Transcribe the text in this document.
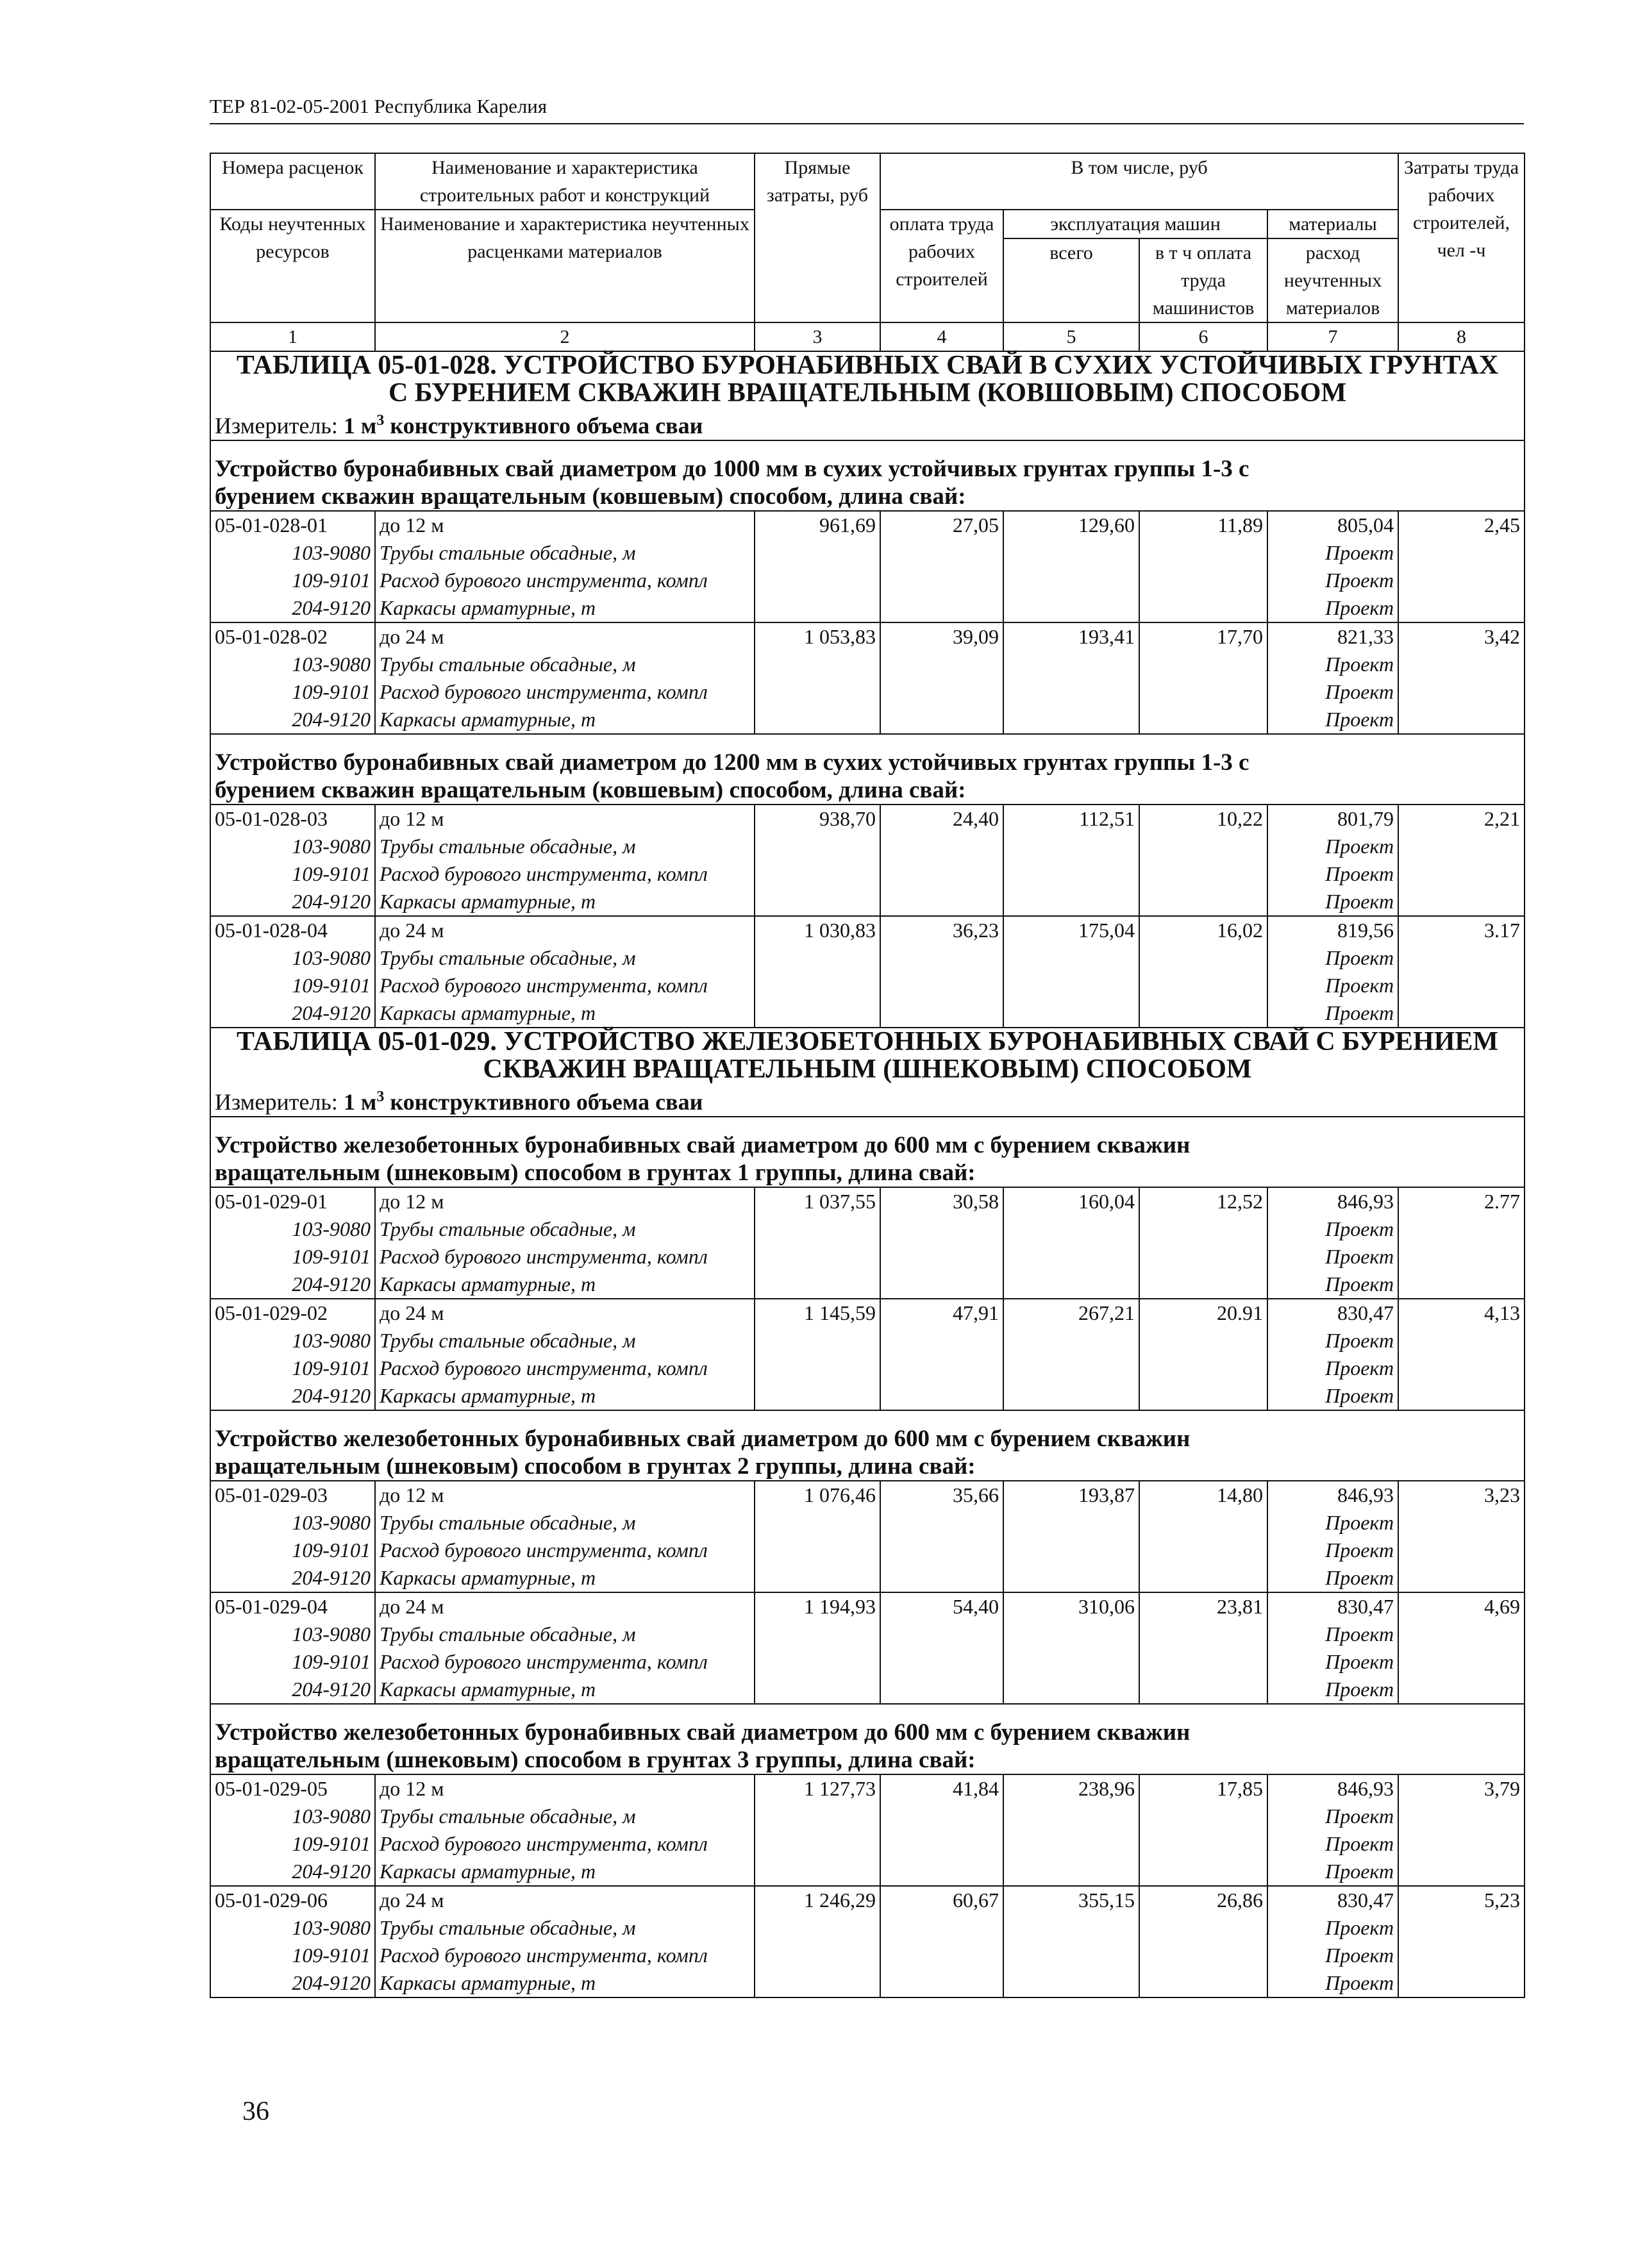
ТЕР 81-02-05-2001 Республика Карелия
Номера расценок	Наименование и характеристика строительных работ и конструкций	Прямые затраты, руб	В том числе, руб				Затраты труда рабочих строителей, чел -ч
Коды неучтенных ресурсов	Наименование и характеристика неучтенных расценками материалов		оплата труда рабочих строителей	эксплуатация машин		материалы	
				всего	в т ч оплата труда машинистов	расход неучтенных материалов	
1	2	3	4	5	6	7	8
ТАБЛИЦА 05-01-028. УСТРОЙСТВО БУРОНАБИВНЫХ СВАЙ В СУХИХ УСТОЙЧИВЫХ ГРУНТАХ							
С БУРЕНИЕМ СКВАЖИН ВРАЩАТЕЛЬНЫМ (КОВШОВЫМ) СПОСОБОМ							
Измеритель: 1 $м^3$ конструктивного объема сваи							

Устройство буронабивных свай диаметром до 1000 мм в сухих устойчивых грунтах группы 1-3 с							
бурением скважин вращательным (ковшевым) способом, длина свай:							
05-01-028-01	до 12 м	961,69	27,05	129,60	11,89	805,04	2,45
103-9080	Трубы стальные обсадные, м					Проект	
109-9101	Расход бурового инструмента, компл					Проект	
204-9120	Каркасы арматурные, т					Проект	
05-01-028-02	до 24 м	1 053,83	39,09	193,41	17,70	821,33	3,42
103-9080	Трубы стальные обсадные, м					Проект	
109-9101	Расход бурового инструмента, компл					Проект	
204-9120	Каркасы арматурные, т					Проект	

Устройство буронабивных свай диаметром до 1200 мм в сухих устойчивых грунтах группы 1-3 с							
бурением скважин вращательным (ковшевым) способом, длина свай:							
05-01-028-03	до 12 м	938,70	24,40	112,51	10,22	801,79	2,21
103-9080	Трубы стальные обсадные, м					Проект	
109-9101	Расход бурового инструмента, компл					Проект	
204-9120	Каркасы арматурные, т					Проект	
05-01-028-04	до 24 м	1 030,83	36,23	175,04	16,02	819,56	3.17
103-9080	Трубы стальные обсадные, м					Проект	
109-9101	Расход бурового инструмента, компл					Проект	
204-9120	Каркасы арматурные, т					Проект	
ТАБЛИЦА 05-01-029. УСТРОЙСТВО ЖЕЛЕЗОБЕТОННЫХ БУРОНАБИВНЫХ СВАЙ С БУРЕНИЕМ							
СКВАЖИН ВРАЩАТЕЛЬНЫМ (ШНЕКОВЫМ) СПОСОБОМ							
Измеритель: 1 $м^3$ конструктивного объема сваи							

Устройство железобетонных буронабивных свай диаметром до 600 мм с бурением скважин							
вращательным (шнековым) способом в грунтах 1 группы, длина свай:							
05-01-029-01	до 12 м	1 037,55	30,58	160,04	12,52	846,93	2.77
103-9080	Трубы стальные обсадные, м					Проект	
109-9101	Расход бурового инструмента, компл					Проект	
204-9120	Каркасы арматурные, т					Проект	
05-01-029-02	до 24 м	1 145,59	47,91	267,21	20.91	830,47	4,13
103-9080	Трубы стальные обсадные, м					Проект	
109-9101	Расход бурового инструмента, компл					Проект	
204-9120	Каркасы арматурные, т					Проект	

Устройство железобетонных буронабивных свай диаметром до 600 мм с бурением скважин							
вращательным (шнековым) способом в грунтах 2 группы, длина свай:							
05-01-029-03	до 12 м	1 076,46	35,66	193,87	14,80	846,93	3,23
103-9080	Трубы стальные обсадные, м					Проект	
109-9101	Расход бурового инструмента, компл					Проект	
204-9120	Каркасы арматурные, т					Проект	
05-01-029-04	до 24 м	1 194,93	54,40	310,06	23,81	830,47	4,69
103-9080	Трубы стальные обсадные, м					Проект	
109-9101	Расход бурового инструмента, компл					Проект	
204-9120	Каркасы арматурные, т					Проект	

Устройство железобетонных буронабивных свай диаметром до 600 мм с бурением скважин							
вращательным (шнековым) способом в грунтах 3 группы, длина свай:							
05-01-029-05	до 12 м	1 127,73	41,84	238,96	17,85	846,93	3,79
103-9080	Трубы стальные обсадные, м					Проект	
109-9101	Расход бурового инструмента, компл					Проект	
204-9120	Каркасы арматурные, т					Проект	
05-01-029-06	до 24 м	1 246,29	60,67	355,15	26,86	830,47	5,23
103-9080	Трубы стальные обсадные, м					Проект	
109-9101	Расход бурового инструмента, компл					Проект	
204-9120	Каркасы арматурные, т					Проект	
36
